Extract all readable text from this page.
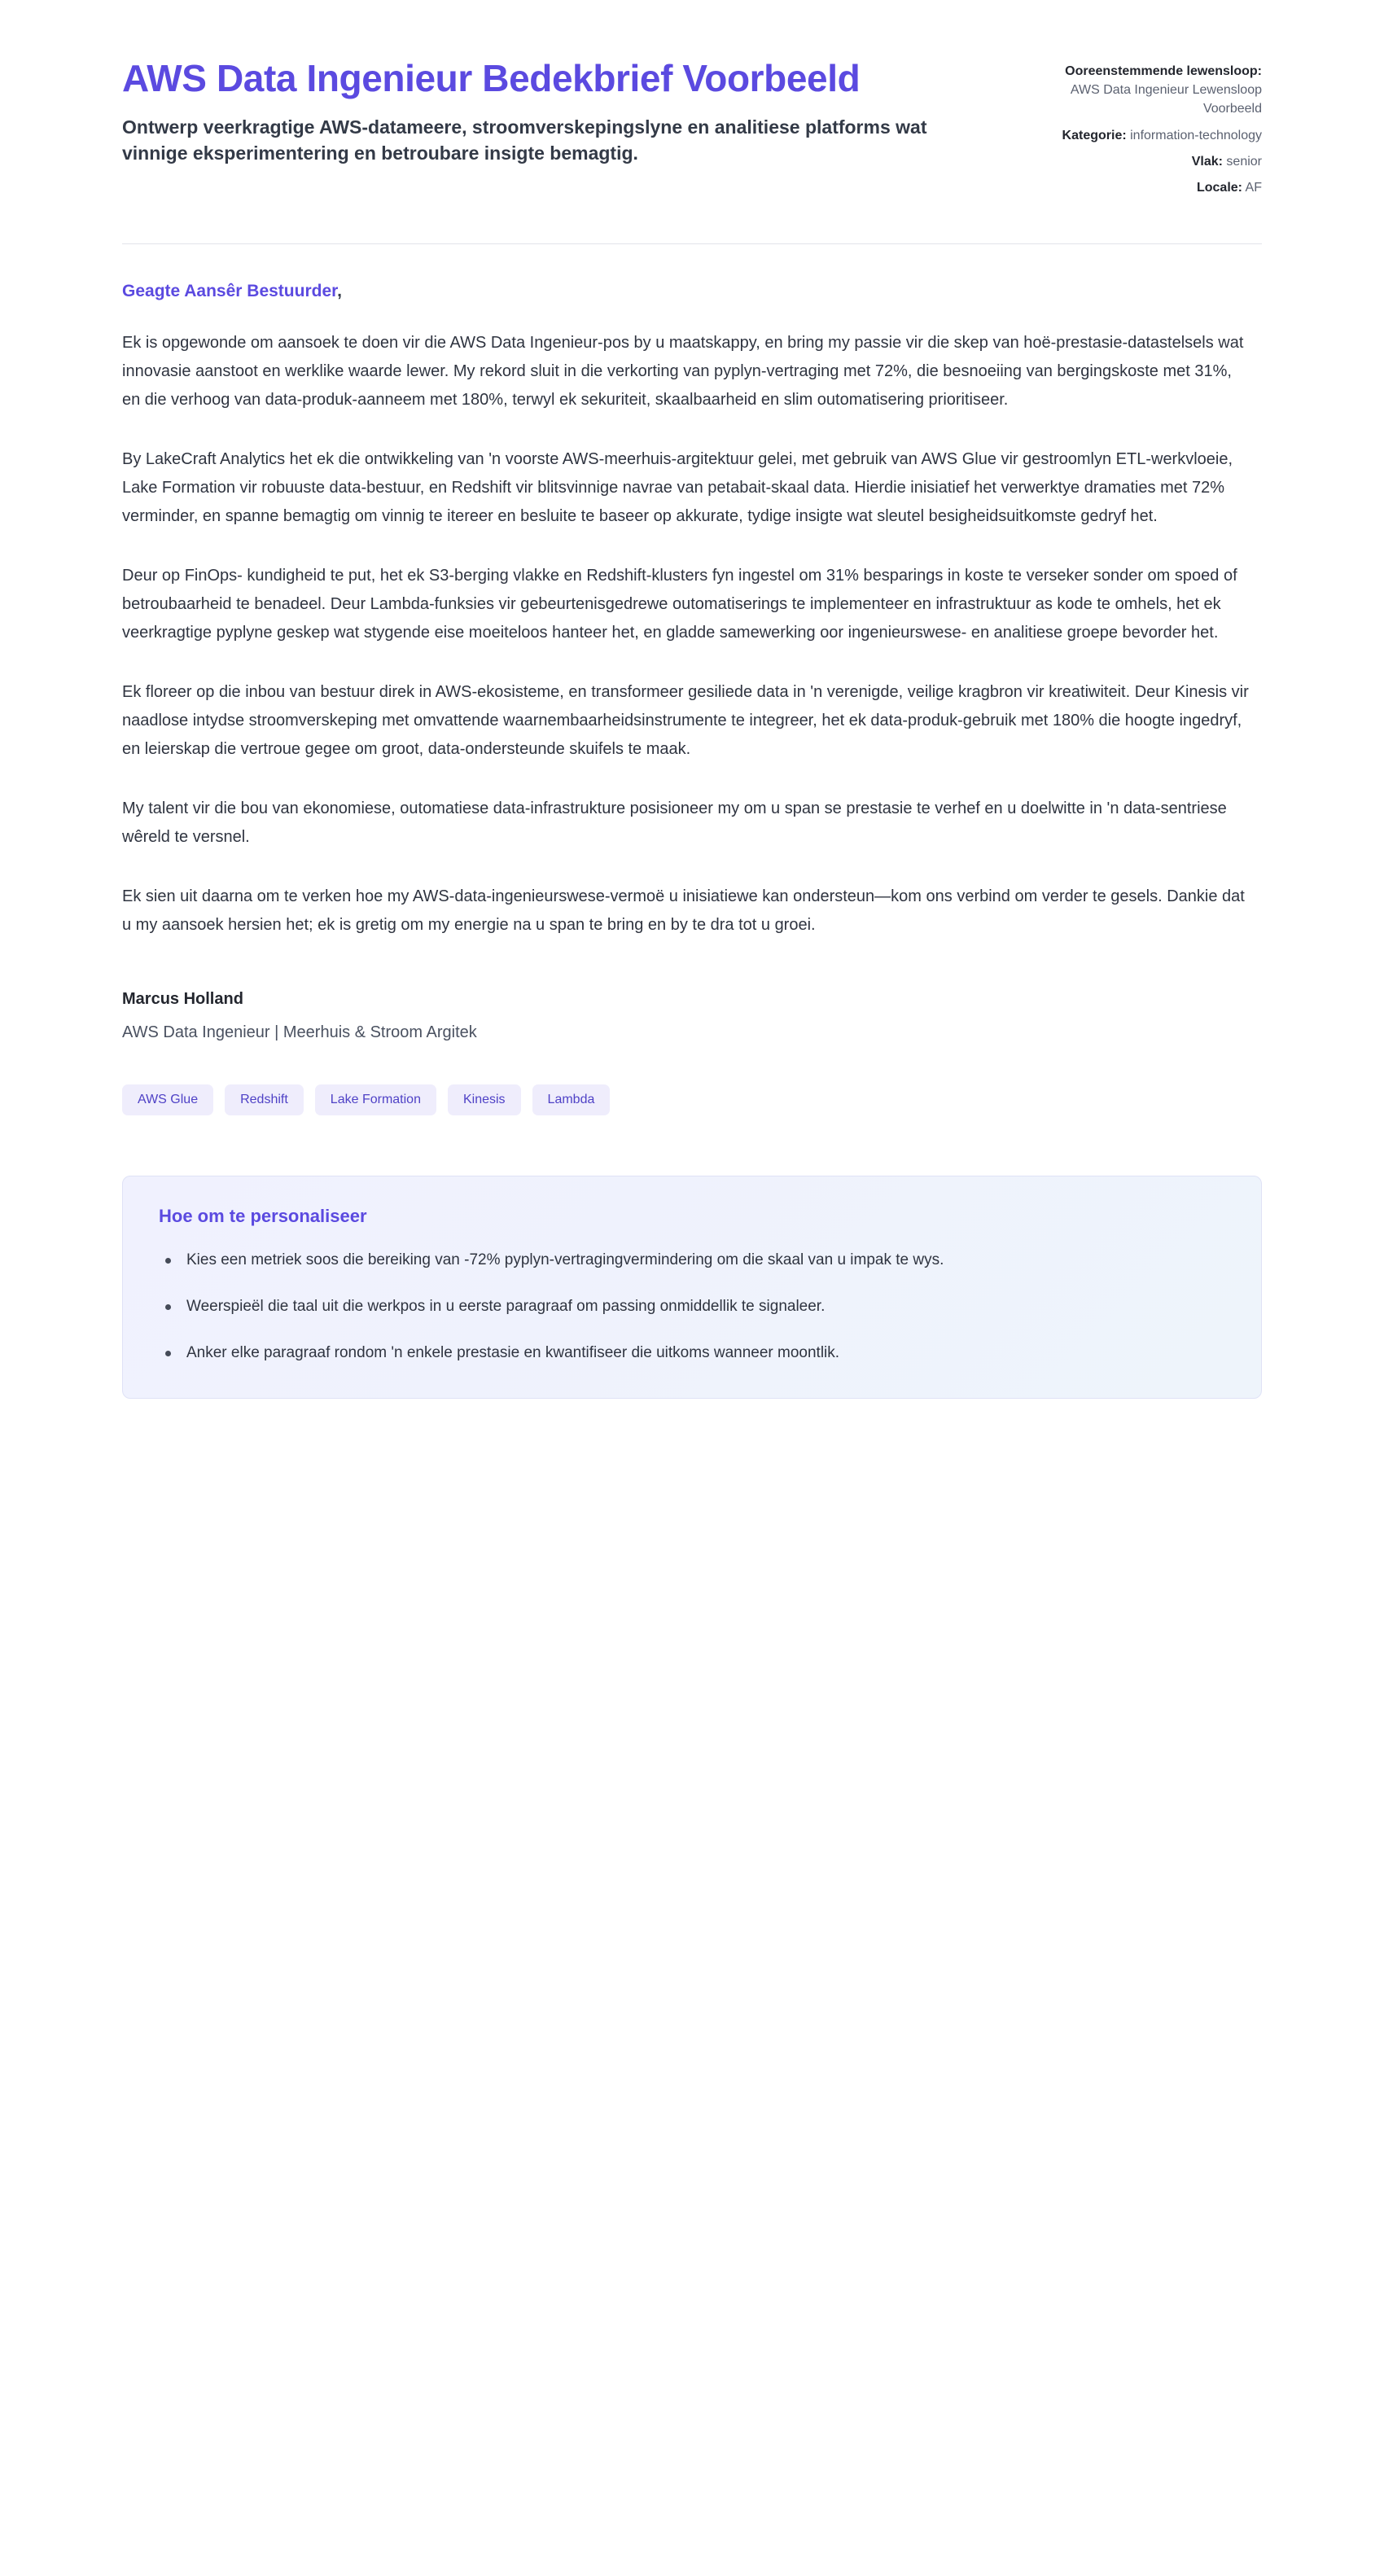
AWS Data Ingenieur Bedekbrief Voorbeeld

Ontwerp veerkragtige AWS-datameere, stroomverskepingslyne en analitiese platforms wat vinnige eksperimentering en betroubare insigte bemagtig.

Ooreenstemmende lewensloop: AWS Data Ingenieur Lewensloop Voorbeeld
Kategorie: information-technology
Vlak: senior
Locale: AF

Geagte Aansêr Bestuurder,

Ek is opgewonde om aansoek te doen vir die AWS Data Ingenieur-pos by u maatskappy, en bring my passie vir die skep van hoë-prestasie-datastelsels wat innovasie aanstoot en werklike waarde lewer. My rekord sluit in die verkorting van pyplyn-vertraging met 72%, die besnoeiing van bergingskoste met 31%, en die verhoog van data-produk-aanneem met 180%, terwyl ek sekuriteit, skaalbaarheid en slim outomatisering prioritiseer.

By LakeCraft Analytics het ek die ontwikkeling van 'n voorste AWS-meerhuis-argitektuur gelei, met gebruik van AWS Glue vir gestroomlyn ETL-werkvloeie, Lake Formation vir robuuste data-bestuur, en Redshift vir blitsvinnige navrae van petabait-skaal data. Hierdie inisiatief het verwerktye dramaties met 72% verminder, en spanne bemagtig om vinnig te itereer en besluite te baseer op akkurate, tydige insigte wat sleutel besigheidsuitkomste gedryf het.

Deur op FinOps- kundigheid te put, het ek S3-berging vlakke en Redshift-klusters fyn ingestel om 31% besparings in koste te verseker sonder om spoed of betroubaarheid te benadeel. Deur Lambda-funksies vir gebeurtenisgedrewe outomatiserings te implementeer en infrastruktuur as kode te omhels, het ek veerkragtige pyplyne geskep wat stygende eise moeiteloos hanteer het, en gladde samewerking oor ingenieurswese- en analitiese groepe bevorder het.

Ek floreer op die inbou van bestuur direk in AWS-ekosisteme, en transformeer gesiliede data in 'n verenigde, veilige kragbron vir kreatiwiteit. Deur Kinesis vir naadlose intydse stroomverskeping met omvattende waarnembaarheidsinstrumente te integreer, het ek data-produk-gebruik met 180% die hoogte ingedryf, en leierskap die vertroue gegee om groot, data-ondersteunde skuifels te maak.

My talent vir die bou van ekonomiese, outomatiese data-infrastrukture posisioneer my om u span se prestasie te verhef en u doelwitte in 'n data-sentriese wêreld te versnel.

Ek sien uit daarna om te verken hoe my AWS-data-ingenieurswese-vermoë u inisiatiewe kan ondersteun—kom ons verbind om verder te gesels. Dankie dat u my aansoek hersien het; ek is gretig om my energie na u span te bring en by te dra tot u groei.

Marcus Holland

AWS Data Ingenieur | Meerhuis & Stroom Argitek

AWS Glue	Redshift	Lake Formation	Kinesis	Lambda
Hoe om te personaliseer
Kies een metriek soos die bereiking van -72% pyplyn-vertragingvermindering om die skaal van u impak te wys.
Weerspieël die taal uit die werkpos in u eerste paragraaf om passing onmiddellik te signaleer.
Anker elke paragraaf rondom 'n enkele prestasie en kwantifiseer die uitkoms wanneer moontlik.
